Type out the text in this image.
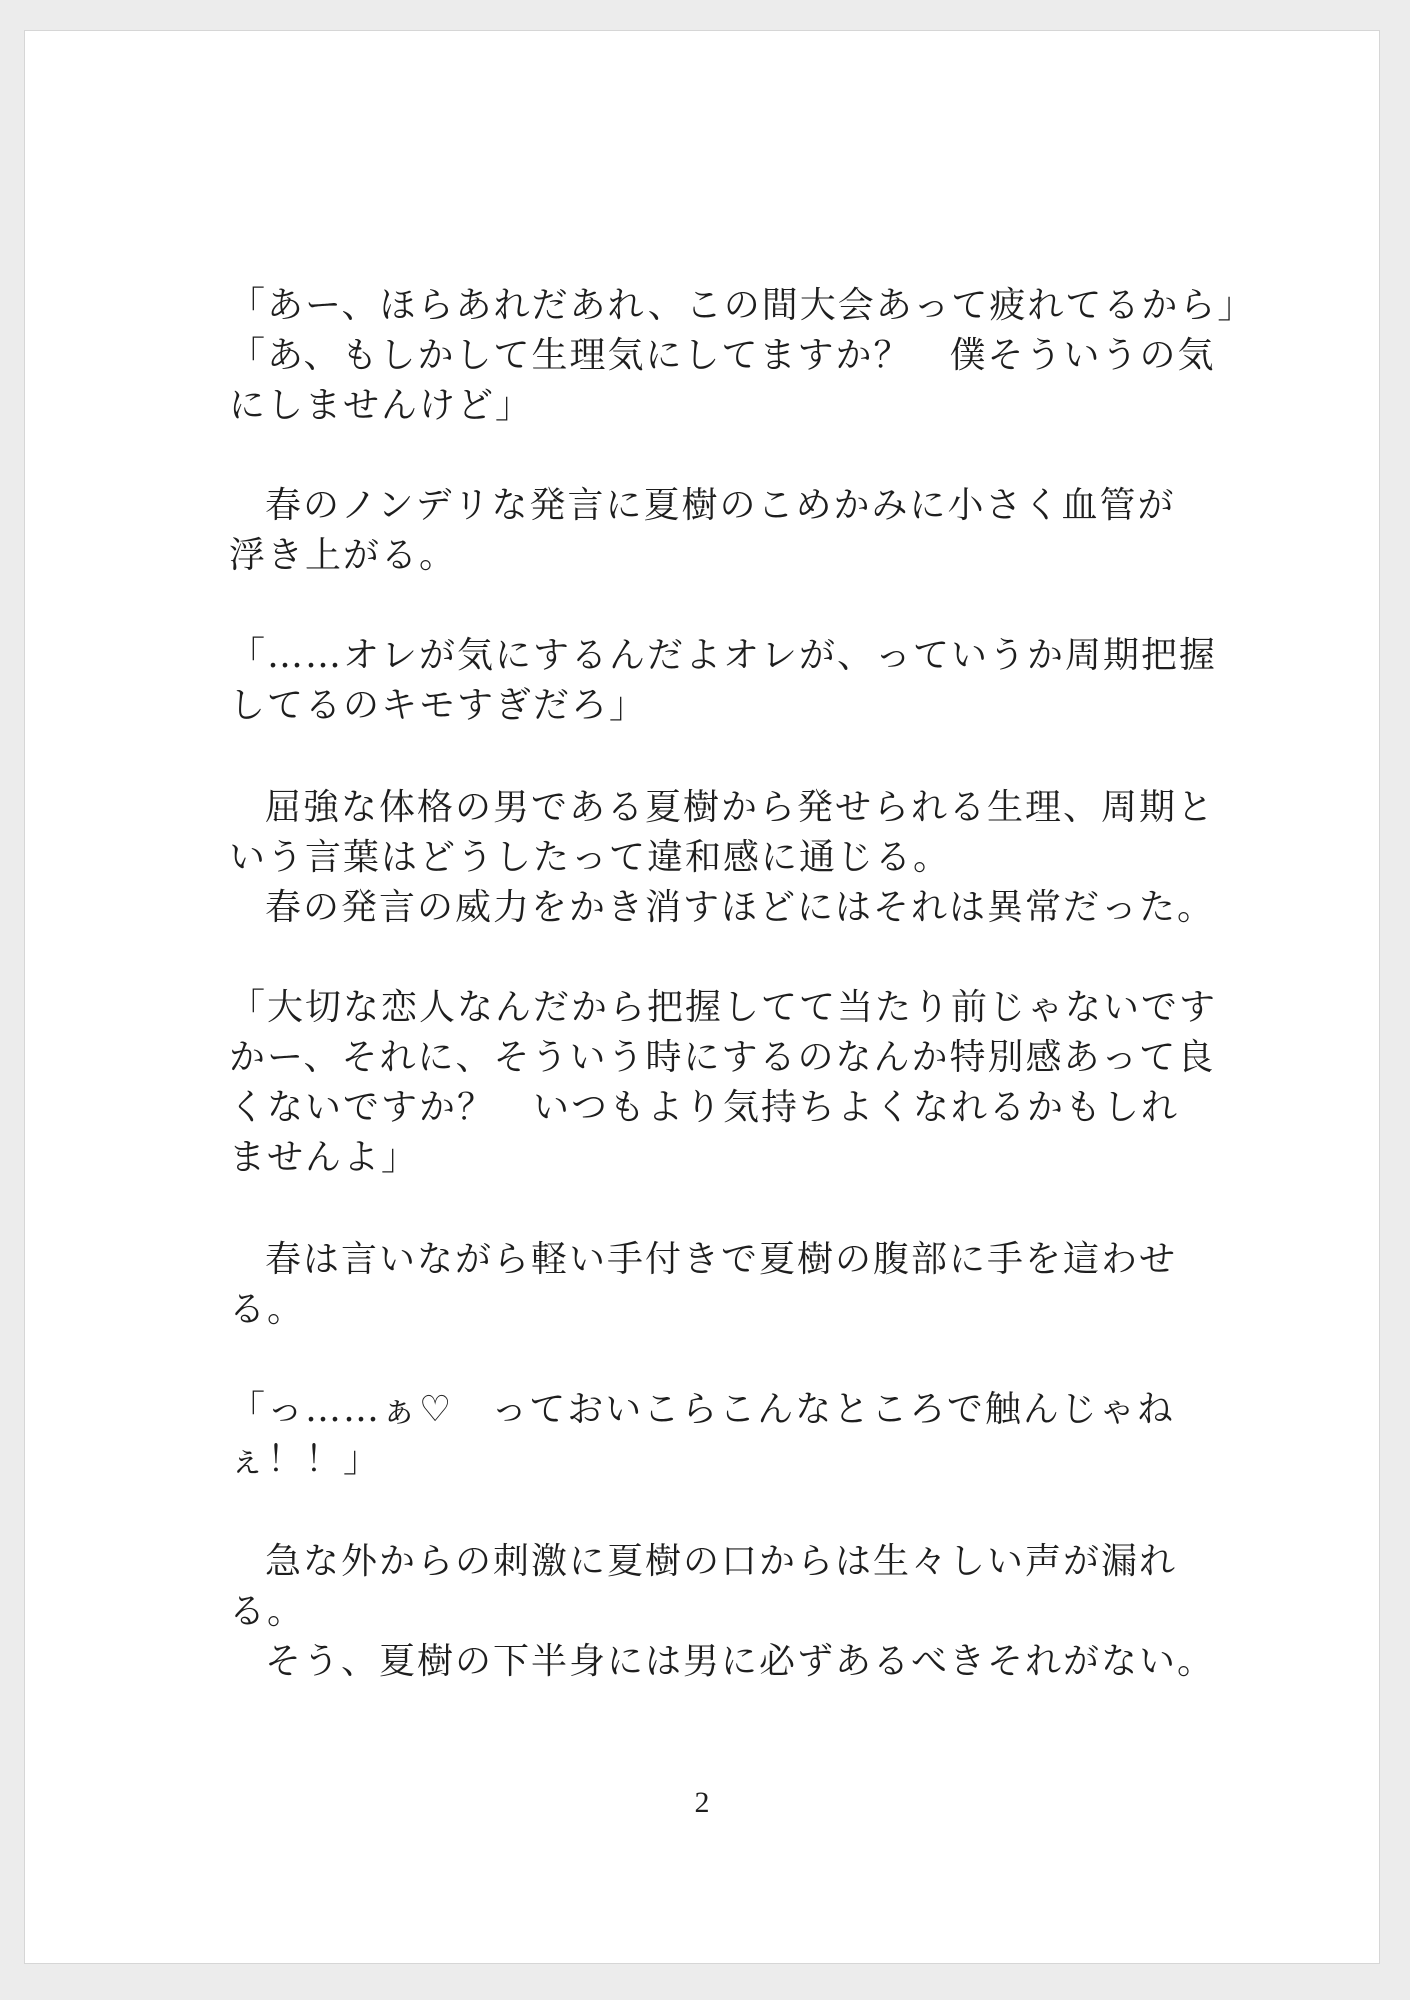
「あー、ほらあれだあれ、この間大会あって疲れてるから」
「あ、もしかして生理気にしてますか？　僕そういうの気
にしませんけど」
春のノンデリな発言に夏樹のこめかみに小さく血管が
浮き上がる。
「……オレが気にするんだよオレが、っていうか周期把握
してるのキモすぎだろ」
屈強な体格の男である夏樹から発せられる生理、周期と
いう言葉はどうしたって違和感に通じる。
春の発言の威力をかき消すほどにはそれは異常だった。
「大切な恋人なんだから把握してて当たり前じゃないです
かー、それに、そういう時にするのなんか特別感あって良
くないですか？　いつもより気持ちよくなれるかもしれ
ませんよ」
春は言いながら軽い手付きで夏樹の腹部に手を這わせ
る。
「っ……ぁ♡　っておいこらこんなところで触んじゃね
ぇ！！」
急な外からの刺激に夏樹の口からは生々しい声が漏れ
る。
そう、夏樹の下半身には男に必ずあるべきそれがない。
2
